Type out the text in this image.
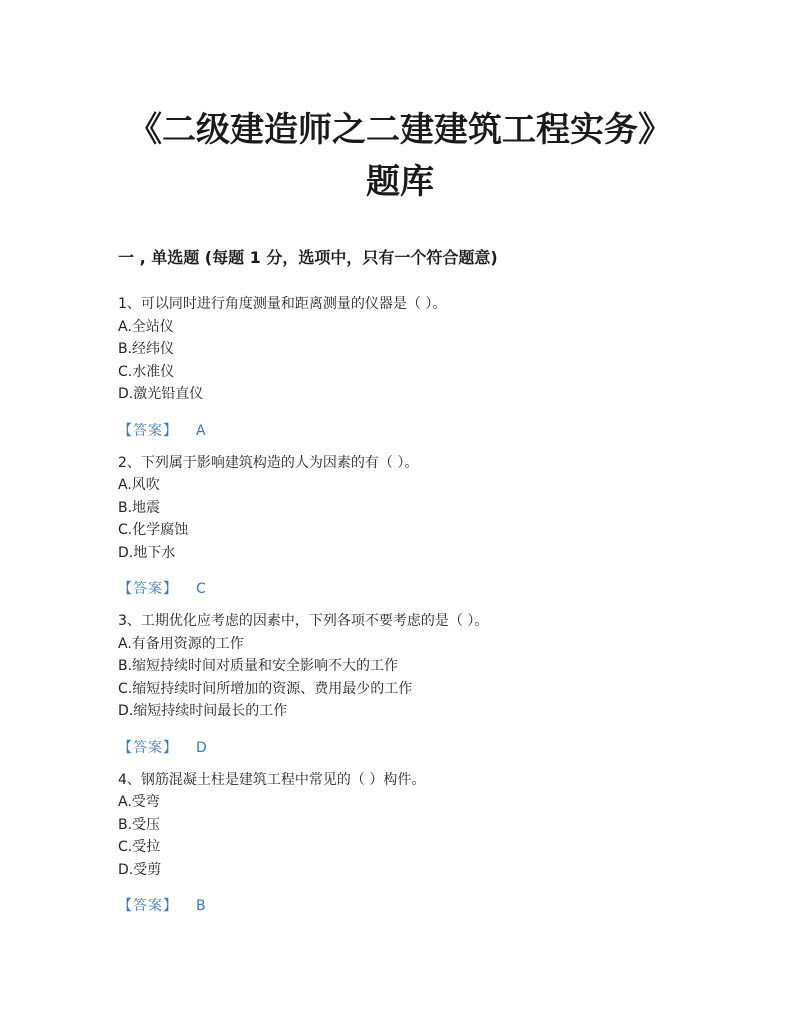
《二级建造师之二建建筑工程实务》
题库
一 , 单选题 (每题 1 分，选项中，只有一个符合题意)

1、可以同时进行角度测量和距离测量的仪器是（ ）。

A.全站仪

B.经纬仪

C.水准仪

D.激光铅直仪

【答案】 A

2、下列属于影响建筑构造的人为因素的有（ ）。

A.风吹

B.地震

C.化学腐蚀

D.地下水

【答案】 C

3、工期优化应考虑的因素中，下列各项不要考虑的是（ ）。

A.有备用资源的工作

B.缩短持续时间对质量和安全影响不大的工作

C.缩短持续时间所增加的资源、费用最少的工作

D.缩短持续时间最长的工作

【答案】 D

4、钢筋混凝土柱是建筑工程中常见的（ ）构件。

A.受弯

B.受压

C.受拉

D.受剪

【答案】 B
